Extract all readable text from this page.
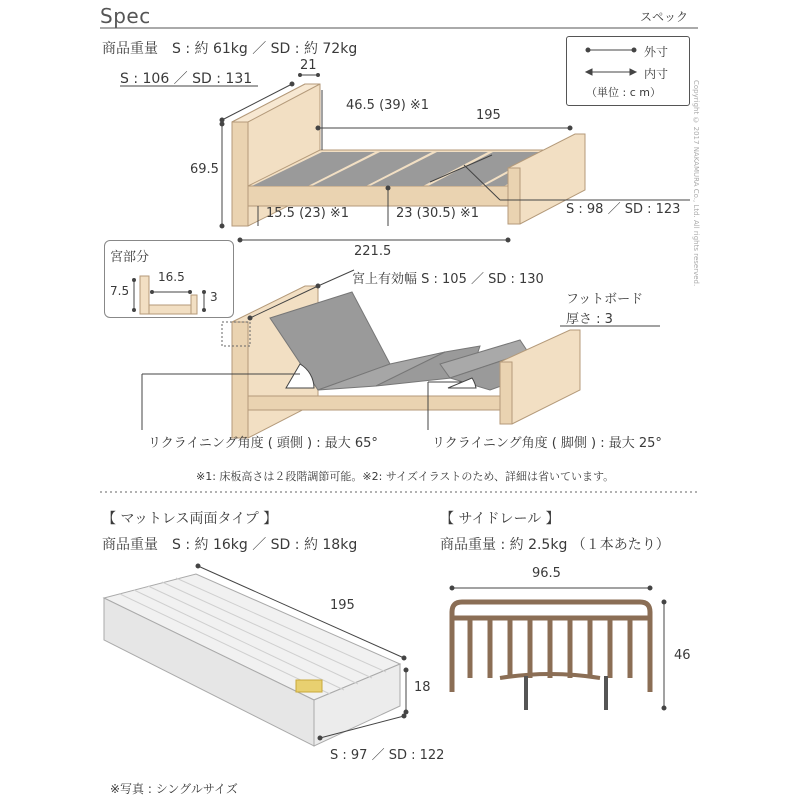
Spec	スペック
Copyright © 2017 NAKAMURA Co., Ltd. All rights reserved.
外寸
内寸
（単位 : c m）
商品重量　S : 約 61kg ／ SD : 約 72kg
S : 106 ／ SD : 131
21
46.5 (39) ※1
195
69.5
15.5 (23) ※1	23 (30.5) ※1	S : 98 ／ SD : 123
221.5
宮部分
7.5
16.5
3
宮上有効幅 S : 105 ／ SD : 130
フットボード
厚さ : 3
リクライニング角度 ( 頭側 ) : 最大 65°	リクライニング角度 ( 脚側 ) : 最大 25°
※1: 床板高さは２段階調節可能。※2: サイズイラストのため、詳細は省いています。
【 マットレス両面タイプ 】
商品重量　S : 約 16kg ／ SD : 約 18kg
195
18
S : 97 ／ SD : 122
※写真 : シングルサイズ
【 サイドレール 】
商品重量 : 約 2.5kg （１本あたり）
96.5
46
